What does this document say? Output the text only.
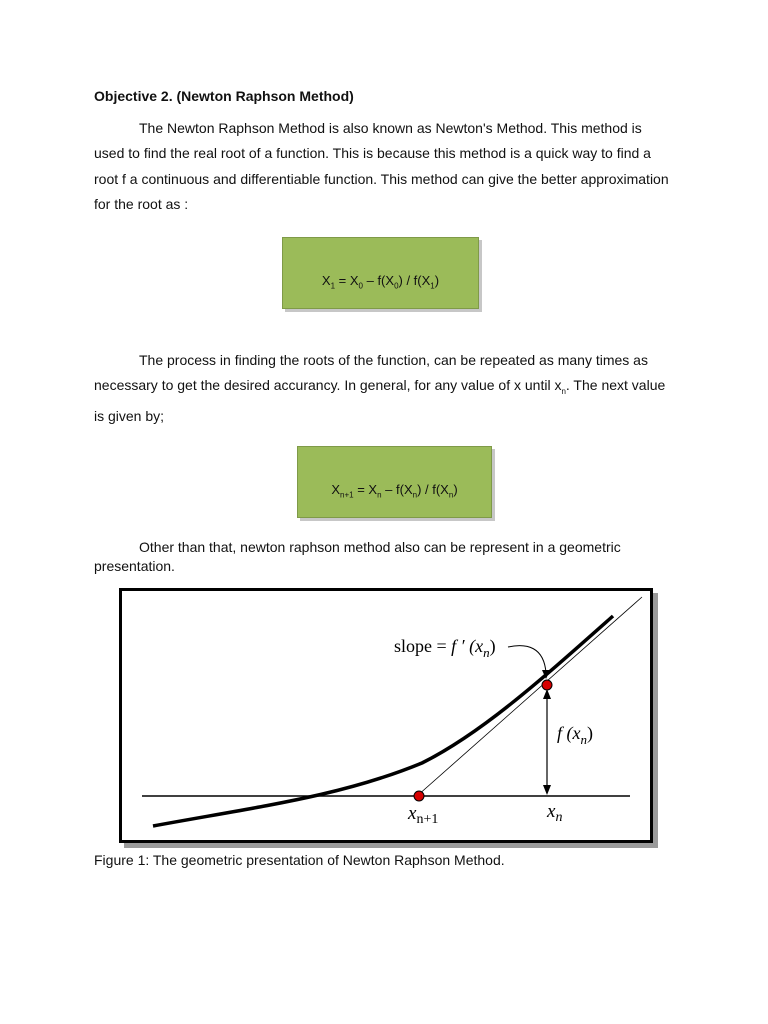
Objective 2. (Newton Raphson Method)

The Newton Raphson Method is also known as Newton's Method. This method is used to find the real root of a function. This is because this method is a quick way to find a root f a continuous and differentiable function. This method can give the better approximation for the root as :

$X_1 = X_0 - f(X_0) / f(X_1)$

The process in finding the roots of the function, can be repeated as many times as necessary to get the desired accurancy. In general, for any value of x until $x_n$. The next value is given by;

$X_{n+1} = X_n - f(X_n) / f(X_n)$

Other than that, newton raphson method also can be represent in a geometric presentation.

slope = f ′ $(x_n)$
f $(x_n)$
$x_{n+1}$	$x_n$
Figure 1: The geometric presentation of Newton Raphson Method.
